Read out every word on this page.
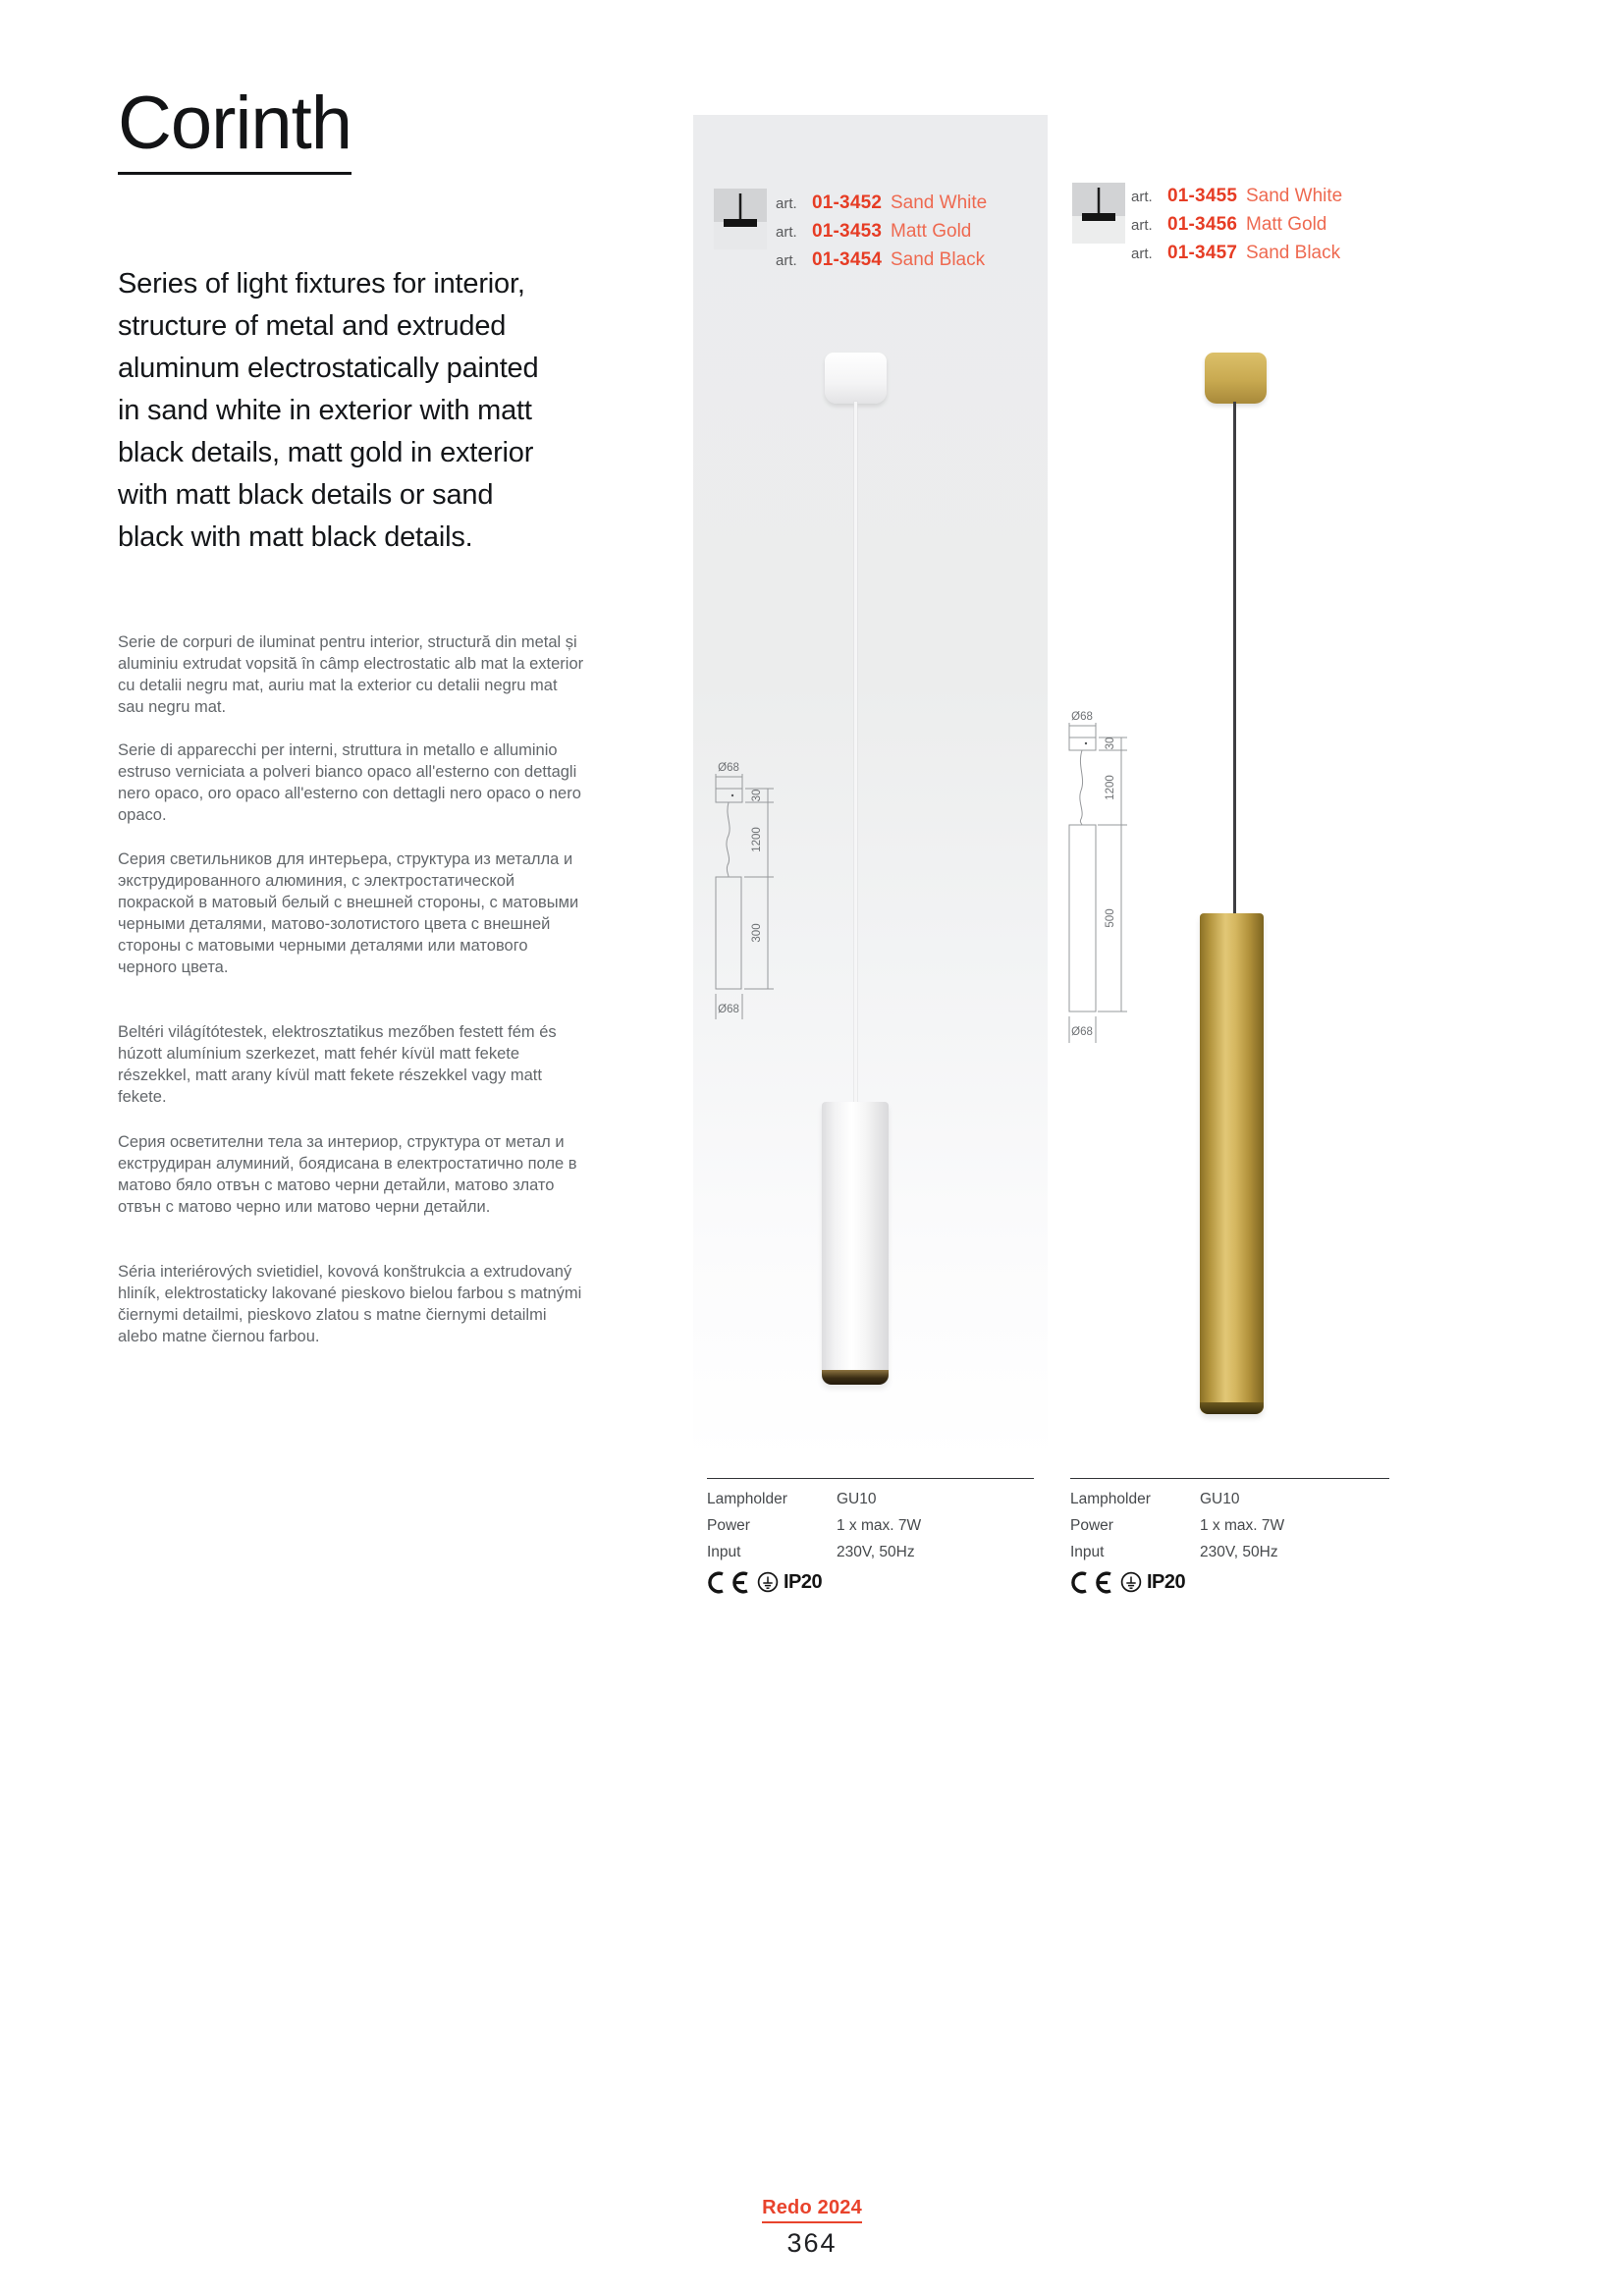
Corinth

Series of light fixtures for interior, structure of metal and extruded aluminum electrostatically painted in sand white in exterior with matt black details, matt gold in exterior with matt black details or sand black with matt black details.

Serie de corpuri de iluminat pentru interior, structură din metal și aluminiu extrudat vopsită în câmp electrostatic alb mat la exterior cu detalii negru mat, auriu mat la exterior cu detalii negru mat sau negru mat.

Serie di apparecchi per interni, struttura in metallo e alluminio estruso verniciata a polveri bianco opaco all'esterno con dettagli nero opaco, oro opaco all'esterno con dettagli nero opaco o nero opaco.

Серия светильников для интерьера, структура из металла и экструдированного алюминия, с электростатической покраской в матовый белый с внешней стороны, с матовыми черными деталями, матово-золотистого цвета с внешней стороны с матовыми черными деталями или матового черного цвета.

Beltéri világítótestek, elektrosztatikus mezőben festett fém és húzott alumínium szerkezet, matt fehér kívül matt fekete részekkel, matt arany kívül matt fekete részekkel vagy matt fekete.

Серия осветителни тела за интериор, структура от метал и екструдиран алуминий, боядисана в електростатично поле в матово бяло отвън с матово черни детайли, матово злато отвън с матово черно или матово черни детайли.

Séria interiérových svietidiel, kovová konštrukcia a extrudovaný hliník, elektrostaticky lakované pieskovo bielou farbou s matnými čiernymi detailmi, pieskovo zlatou s matne čiernymi detailmi alebo matne čiernou farbou.

art. 01-3452 Sand White
art. 01-3453 Matt Gold
art. 01-3454 Sand Black
art. 01-3455 Sand White
art. 01-3456 Matt Gold
art. 01-3457 Sand Black
Ø68
30
1200
300
Ø68
Ø68
30
1200
500
Ø68
Lampholder	GU10
Power	1 x max. 7W
Input	230V, 50Hz
IP20
Lampholder	GU10
Power	1 x max. 7W
Input	230V, 50Hz
IP20
Redo 2024
364
